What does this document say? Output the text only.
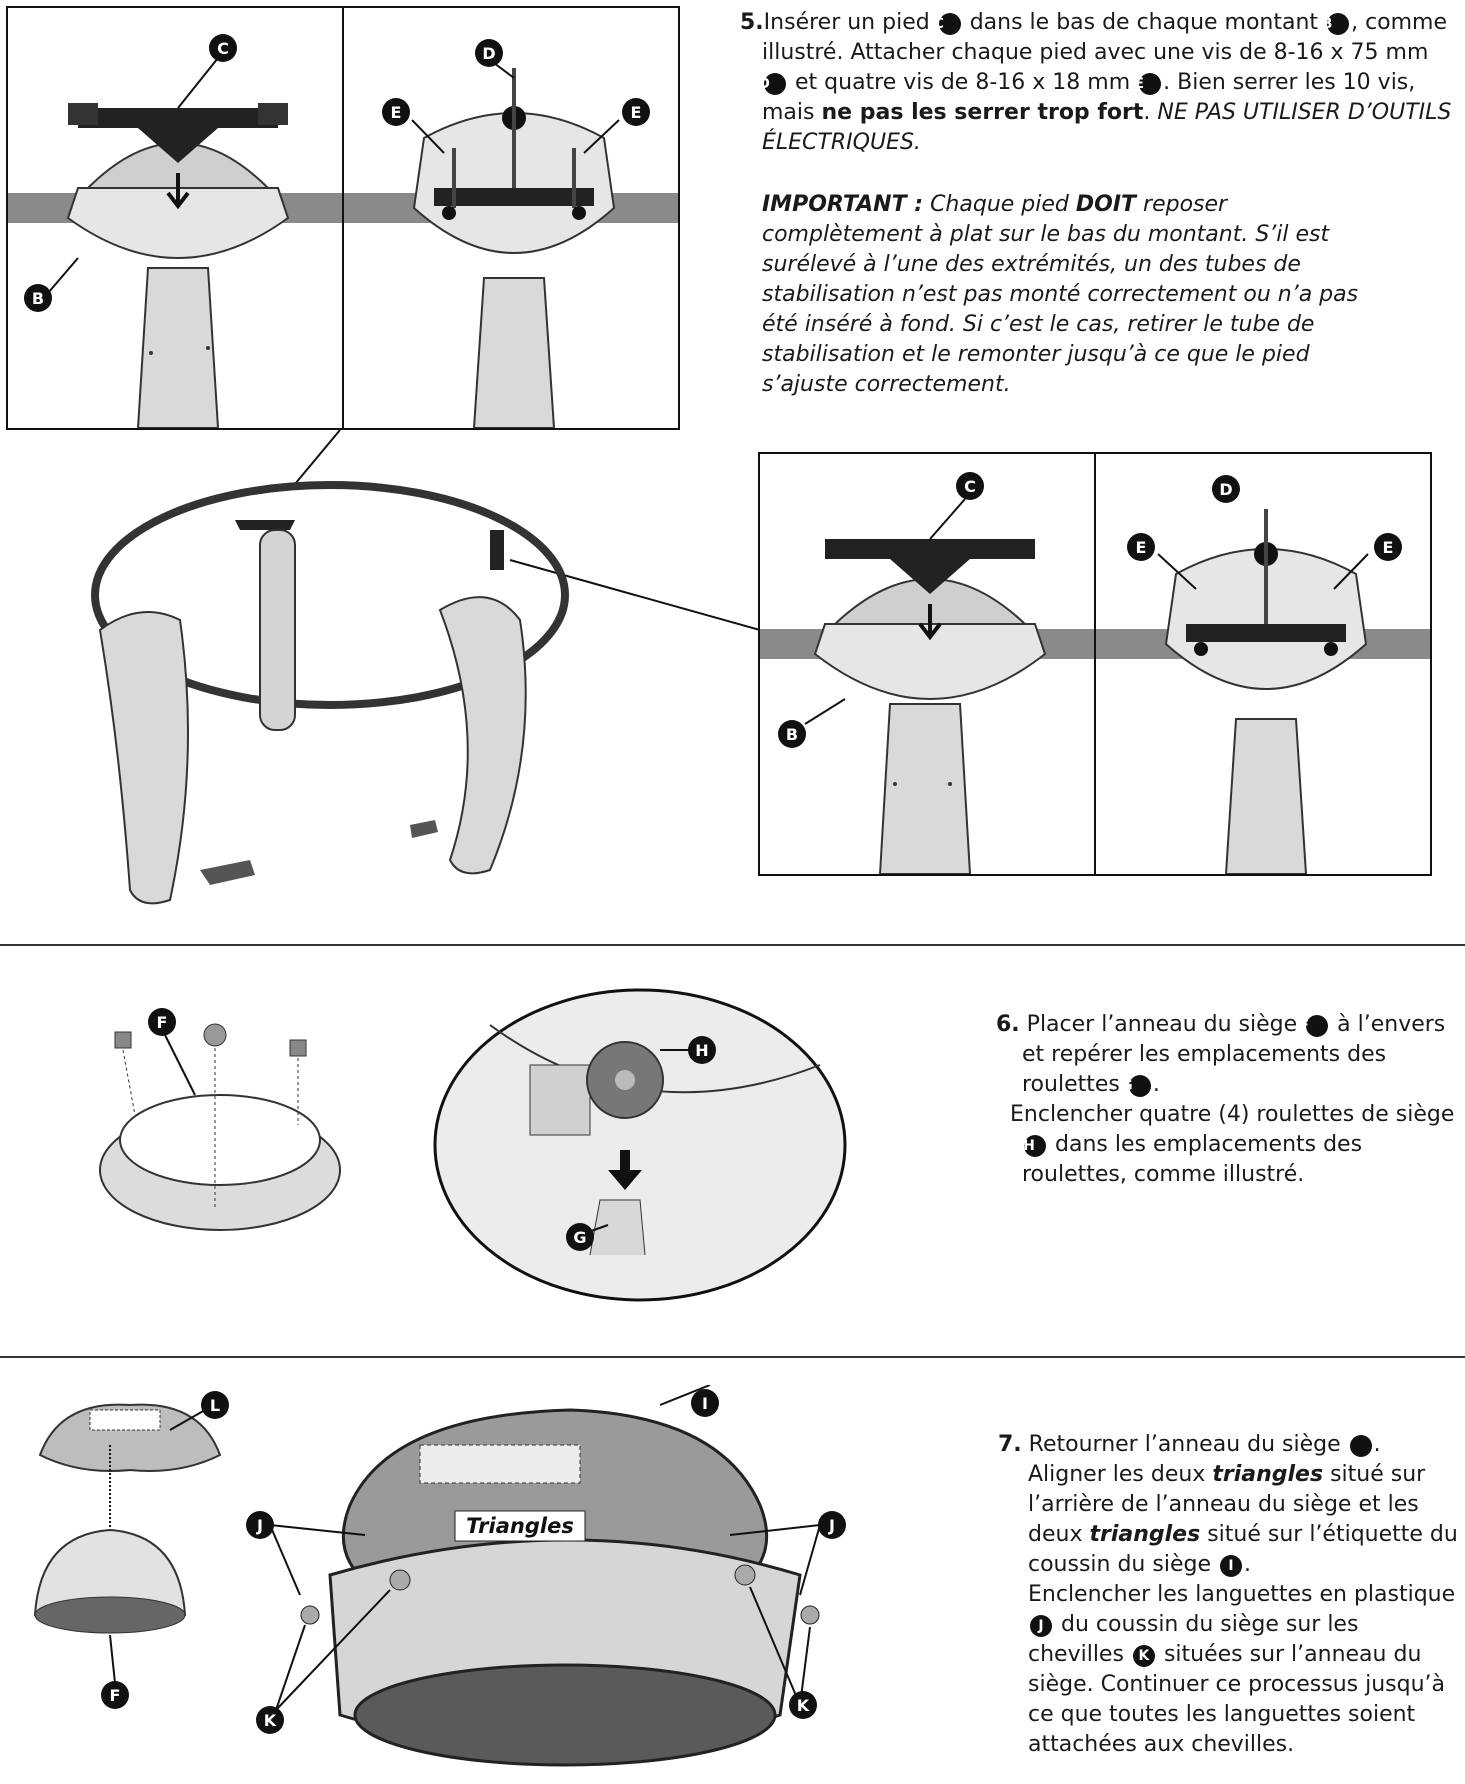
C
B
D
E	E

5.Insérer un pied C dans le bas de chaque montant B , comme illustré. Attacher chaque pied avec une vis de 8-16 x 75 mm D et quatre vis de 8-16 x 18 mm E . Bien serrer les 10 vis, mais ne pas les serrer trop fort. NE PAS UTILISER D’OUTILS ÉLECTRIQUES.

IMPORTANT : Chaque pied DOIT reposer complètement à plat sur le bas du montant. S’il est surélevé à l’une des extrémités, un des tubes de stabilisation n’est pas monté correctement ou n’a pas été inséré à fond. Si c’est le cas, retirer le tube de stabilisation et le remonter jusqu’à ce que le pied s’ajuste correctement.

C
B
D
E	E
F
H
G

6. Placer l’anneau du siège F à l’envers et repérer les emplacements des roulettes G .

Enclencher quatre (4) roulettes de siège H dans les emplacements des roulettes, comme illustré.

L
F
Triangles
J	J
I
K
K

7. Retourner l’anneau du siège F .

Aligner les deux triangles situé sur l’arrière de l’anneau du siège et les deux triangles situé sur l’étiquette du coussin du siège I .

Enclencher les languettes en plastique J du coussin du siège sur les chevilles K situées sur l’anneau du siège. Continuer ce processus jusqu’à ce que toutes les languettes soient attachées aux chevilles.
